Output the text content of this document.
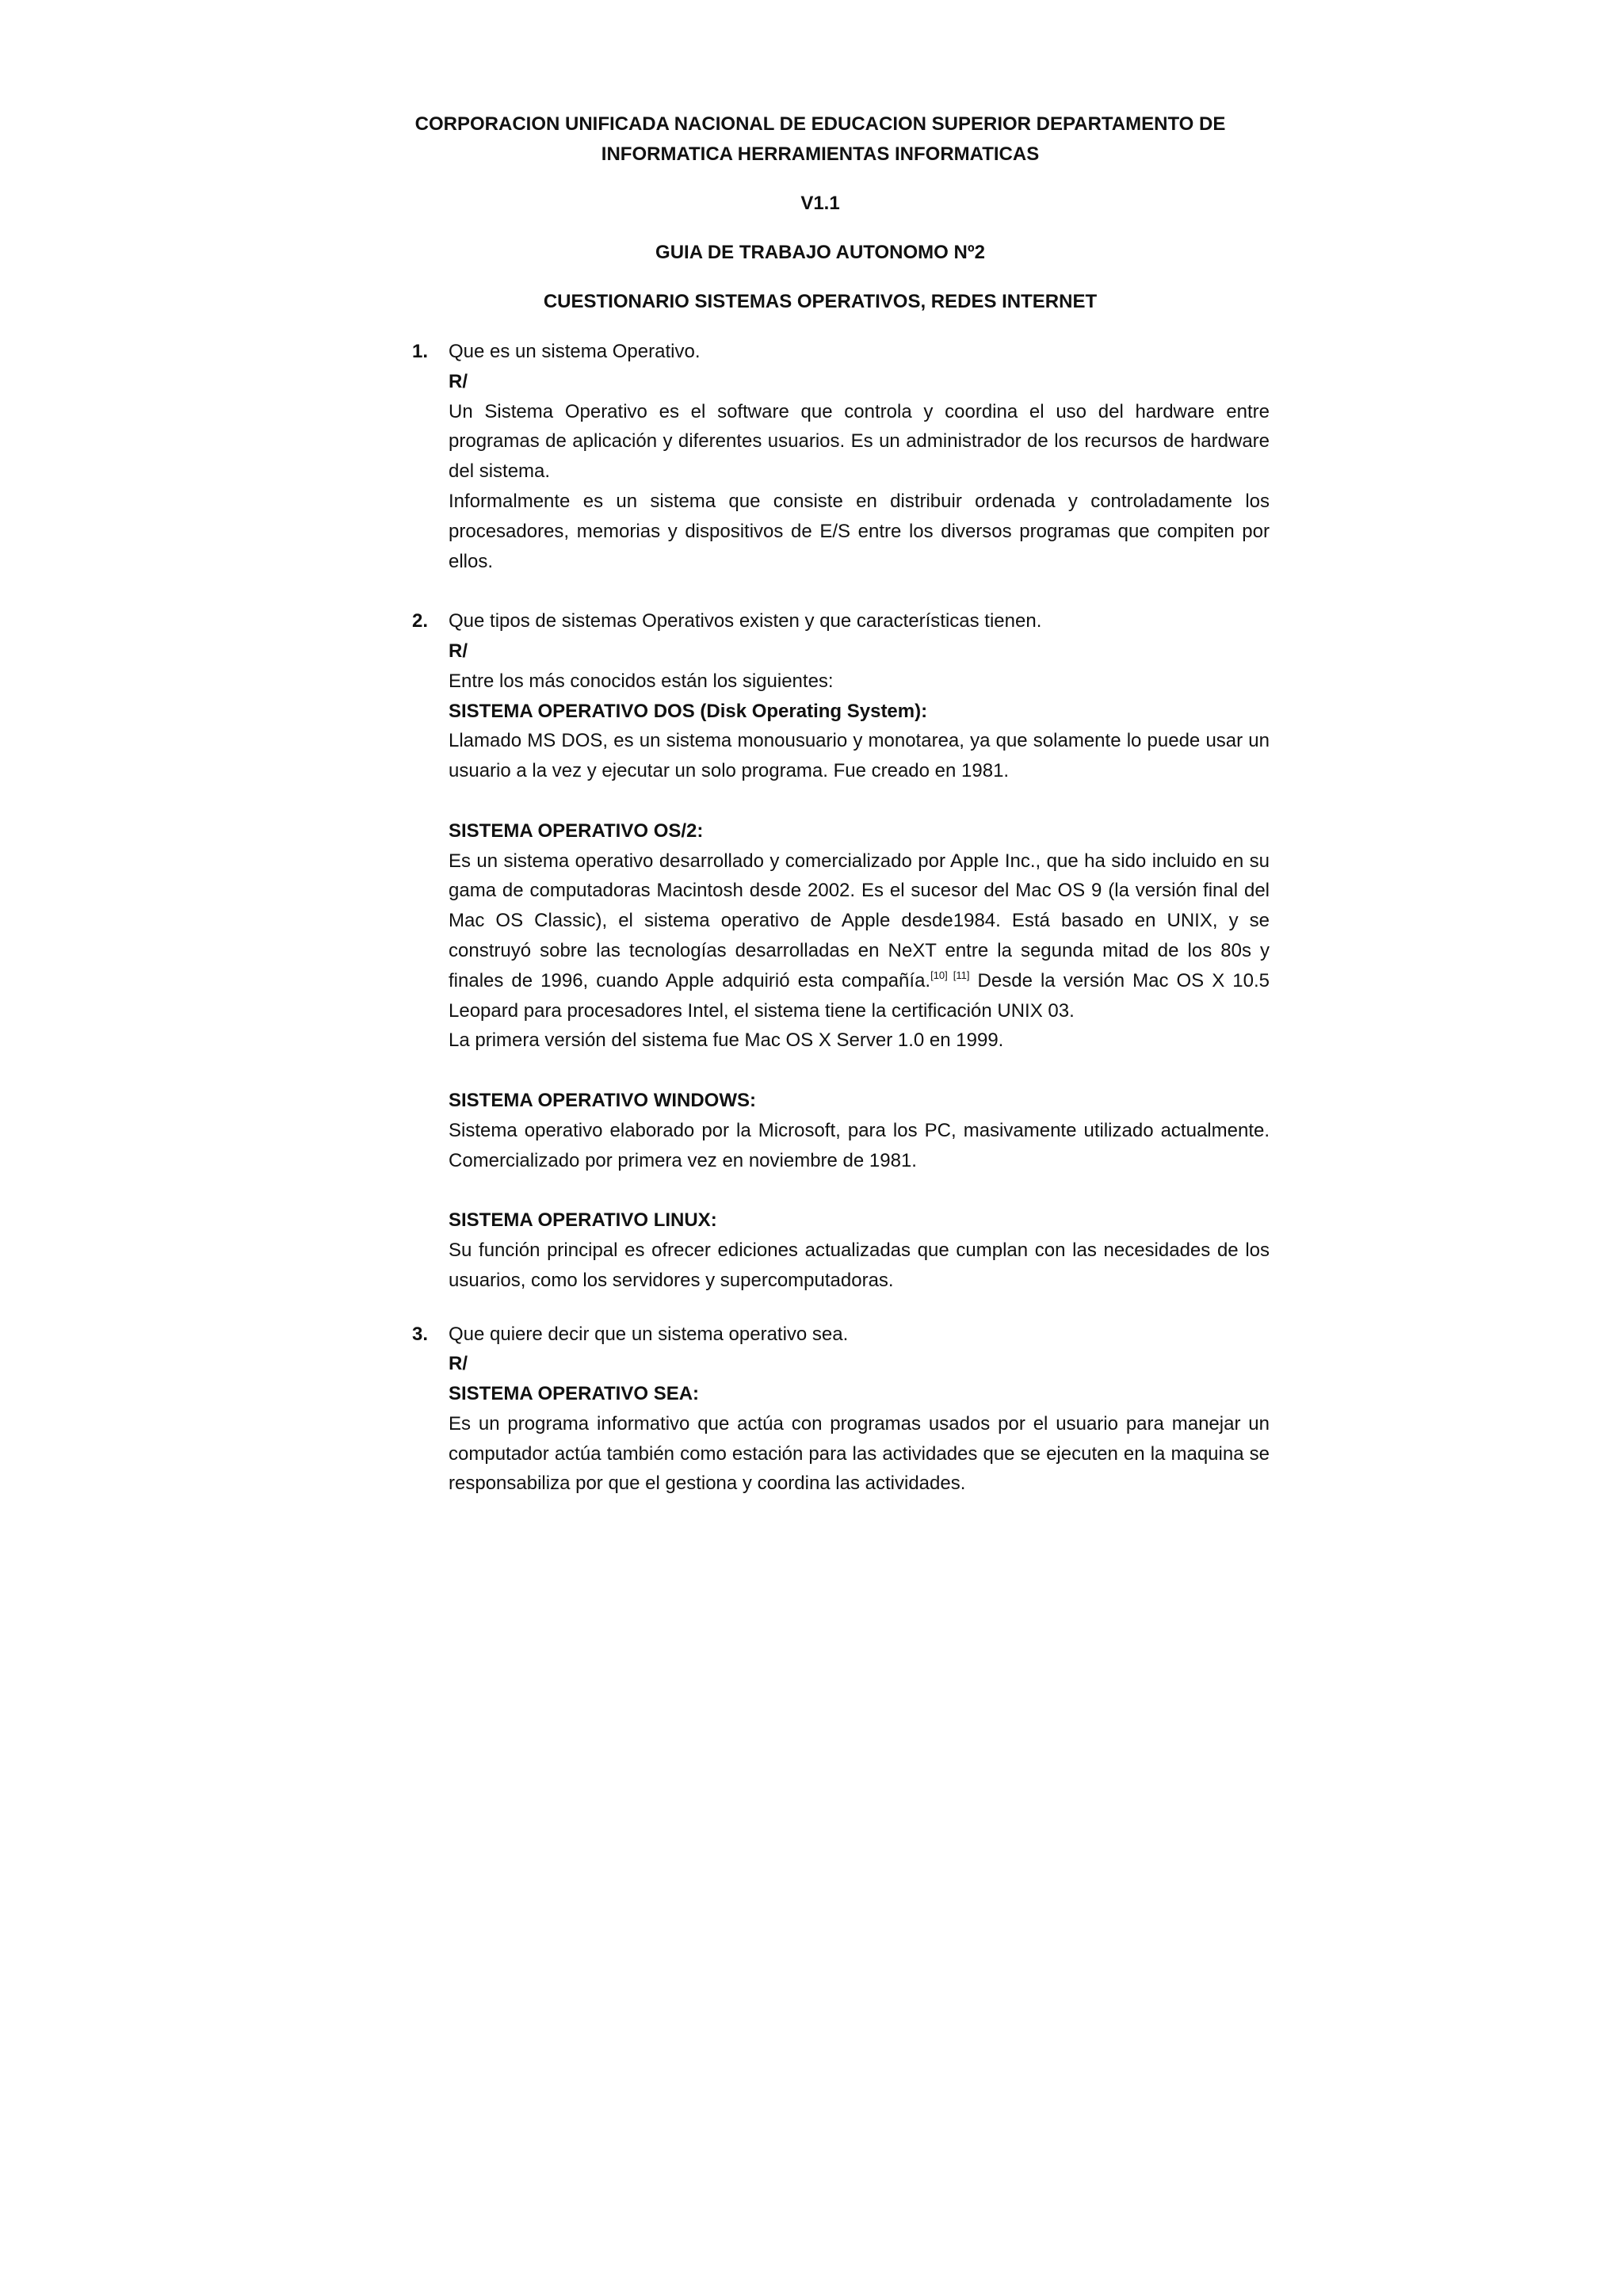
CORPORACION UNIFICADA NACIONAL DE EDUCACION SUPERIOR DEPARTAMENTO DE INFORMATICA HERRAMIENTAS INFORMATICAS
V1.1
GUIA DE TRABAJO AUTONOMO Nº2
CUESTIONARIO SISTEMAS OPERATIVOS, REDES INTERNET
1. Que es un sistema Operativo.
R/
Un Sistema Operativo es el software que controla y coordina el uso del hardware entre programas de aplicación y diferentes usuarios. Es un administrador de los recursos de hardware del sistema.
Informalmente es un sistema que consiste en distribuir ordenada y controladamente los procesadores, memorias y dispositivos de E/S entre los diversos programas que compiten por ellos.
2. Que tipos de sistemas Operativos existen y que características tienen.
R/
Entre los más conocidos están los siguientes:
SISTEMA OPERATIVO DOS (Disk Operating System):
Llamado MS DOS, es un sistema monousuario y monotarea, ya que solamente lo puede usar un usuario a la vez y ejecutar un solo programa. Fue creado en 1981.
SISTEMA OPERATIVO OS/2:
Es un sistema operativo desarrollado y comercializado por Apple Inc., que ha sido incluido en su gama de computadoras Macintosh desde 2002. Es el sucesor del Mac OS 9 (la versión final del Mac OS Classic), el sistema operativo de Apple desde1984. Está basado en UNIX, y se construyó sobre las tecnologías desarrolladas en NeXT entre la segunda mitad de los 80s y finales de 1996, cuando Apple adquirió esta compañía.[10] [11] Desde la versión Mac OS X 10.5 Leopard para procesadores Intel, el sistema tiene la certificación UNIX 03.
La primera versión del sistema fue Mac OS X Server 1.0 en 1999.
SISTEMA OPERATIVO WINDOWS:
Sistema operativo elaborado por la Microsoft, para los PC, masivamente utilizado actualmente. Comercializado por primera vez en noviembre de 1981.
SISTEMA OPERATIVO LINUX:
Su función principal es ofrecer ediciones actualizadas que cumplan con las necesidades de los usuarios, como los servidores y supercomputadoras.
3. Que quiere decir que un sistema operativo sea.
R/
SISTEMA OPERATIVO SEA:
Es un programa informativo que actúa con programas usados por el usuario para manejar un computador actúa también como estación para las actividades que se ejecuten en la maquina se responsabiliza por que el gestiona y coordina las actividades.
